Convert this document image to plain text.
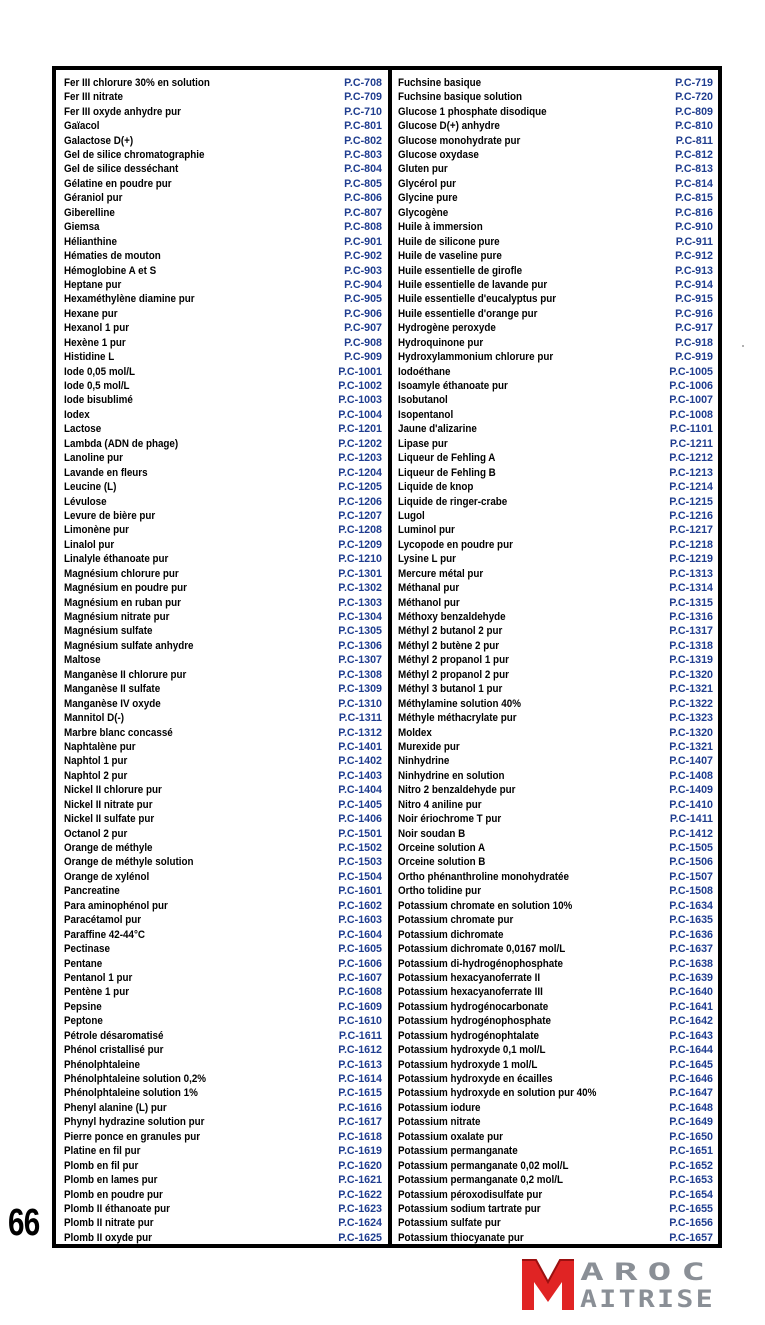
Fer III chlorure 30% en solution	P.C-708
Fer III nitrate	P.C-709
Fer III oxyde anhydre pur	P.C-710
Gaïacol	P.C-801
Galactose D(+)	P.C-802
Gel de silice chromatographie	P.C-803
Gel de silice desséchant	P.C-804
Gélatine en poudre pur	P.C-805
Géraniol pur	P.C-806
Giberelline	P.C-807
Giemsa	P.C-808
Hélianthine	P.C-901
Hématies de mouton	P.C-902
Hémoglobine A et S	P.C-903
Heptane pur	P.C-904
Hexaméthylène diamine pur	P.C-905
Hexane pur	P.C-906
Hexanol 1 pur	P.C-907
Hexène 1 pur	P.C-908
Histidine L	P.C-909
Iode 0,05 mol/L	P.C-1001
Iode 0,5 mol/L	P.C-1002
Iode bisublimé	P.C-1003
Iodex	P.C-1004
Lactose	P.C-1201
Lambda (ADN de phage)	P.C-1202
Lanoline pur	P.C-1203
Lavande en fleurs	P.C-1204
Leucine (L)	P.C-1205
Lévulose	P.C-1206
Levure de bière pur	P.C-1207
Limonène pur	P.C-1208
Linalol pur	P.C-1209
Linalyle éthanoate pur	P.C-1210
Magnésium chlorure pur	P.C-1301
Magnésium en poudre pur	P.C-1302
Magnésium en ruban pur	P.C-1303
Magnésium nitrate pur	P.C-1304
Magnésium sulfate	P.C-1305
Magnésium sulfate anhydre	P.C-1306
Maltose	P.C-1307
Manganèse II chlorure pur	P.C-1308
Manganèse II sulfate	P.C-1309
Manganèse IV oxyde	P.C-1310
Mannitol D(-)	P.C-1311
Marbre blanc concassé	P.C-1312
Naphtalène pur	P.C-1401
Naphtol 1 pur	P.C-1402
Naphtol 2 pur	P.C-1403
Nickel II chlorure pur	P.C-1404
Nickel II nitrate pur	P.C-1405
Nickel II sulfate pur	P.C-1406
Octanol 2 pur	P.C-1501
Orange de méthyle	P.C-1502
Orange de méthyle solution	P.C-1503
Orange de xylénol	P.C-1504
Pancreatine	P.C-1601
Para aminophénol pur	P.C-1602
Paracétamol pur	P.C-1603
Paraffine 42-44°C	P.C-1604
Pectinase	P.C-1605
Pentane	P.C-1606
Pentanol 1 pur	P.C-1607
Pentène 1 pur	P.C-1608
Pepsine	P.C-1609
Peptone	P.C-1610
Pétrole désaromatisé	P.C-1611
Phénol cristallisé pur	P.C-1612
Phénolphtaleine	P.C-1613
Phénolphtaleine solution 0,2%	P.C-1614
Phénolphtaleine solution 1%	P.C-1615
Phenyl alanine (L) pur	P.C-1616
Phynyl hydrazine solution pur	P.C-1617
Pierre ponce en granules pur	P.C-1618
Platine en fil pur	P.C-1619
Plomb en fil pur	P.C-1620
Plomb en lames pur	P.C-1621
Plomb en poudre pur	P.C-1622
Plomb II éthanoate pur	P.C-1623
Plomb II nitrate pur	P.C-1624
Plomb II oxyde pur	P.C-1625
Fuchsine basique	P.C-719
Fuchsine basique solution	P.C-720
Glucose 1 phosphate disodique	P.C-809
Glucose D(+) anhydre	P.C-810
Glucose monohydrate pur	P.C-811
Glucose oxydase	P.C-812
Gluten pur	P.C-813
Glycérol pur	P.C-814
Glycine pure	P.C-815
Glycogène	P.C-816
Huile à immersion	P.C-910
Huile de silicone pure	P.C-911
Huile de vaseline pure	P.C-912
Huile essentielle de girofle	P.C-913
Huile essentielle de lavande pur	P.C-914
Huile essentielle d'eucalyptus pur	P.C-915
Huile essentielle d'orange pur	P.C-916
Hydrogène peroxyde	P.C-917
Hydroquinone pur	P.C-918
Hydroxylammonium chlorure pur	P.C-919
Iodoéthane	P.C-1005
Isoamyle éthanoate pur	P.C-1006
Isobutanol	P.C-1007
Isopentanol	P.C-1008
Jaune d'alizarine	P.C-1101
Lipase pur	P.C-1211
Liqueur de Fehling A	P.C-1212
Liqueur de Fehling B	P.C-1213
Liquide de knop	P.C-1214
Liquide de ringer-crabe	P.C-1215
Lugol	P.C-1216
Luminol pur	P.C-1217
Lycopode en poudre pur	P.C-1218
Lysine L pur	P.C-1219
Mercure métal pur	P.C-1313
Méthanal pur	P.C-1314
Méthanol pur	P.C-1315
Méthoxy benzaldehyde	P.C-1316
Méthyl 2 butanol 2 pur	P.C-1317
Méthyl 2 butène 2 pur	P.C-1318
Méthyl 2 propanol 1 pur	P.C-1319
Méthyl 2 propanol 2 pur	P.C-1320
Méthyl 3 butanol 1 pur	P.C-1321
Méthylamine solution 40%	P.C-1322
Méthyle méthacrylate pur	P.C-1323
Moldex	P.C-1320
Murexide pur	P.C-1321
Ninhydrine	P.C-1407
Ninhydrine en solution	P.C-1408
Nitro 2 benzaldehyde pur	P.C-1409
Nitro 4 aniline pur	P.C-1410
Noir ériochrome T pur	P.C-1411
Noir soudan B	P.C-1412
Orceine solution A	P.C-1505
Orceine solution B	P.C-1506
Ortho phénanthroline monohydratée	P.C-1507
Ortho tolidine pur	P.C-1508
Potassium chromate en solution 10%	P.C-1634
Potassium chromate pur	P.C-1635
Potassium dichromate	P.C-1636
Potassium dichromate 0,0167 mol/L	P.C-1637
Potassium di-hydrogénophosphate	P.C-1638
Potassium hexacyanoferrate II	P.C-1639
Potassium hexacyanoferrate III	P.C-1640
Potassium hydrogénocarbonate	P.C-1641
Potassium hydrogénophosphate	P.C-1642
Potassium hydrogénophtalate	P.C-1643
Potassium hydroxyde 0,1 mol/L	P.C-1644
Potassium hydroxyde 1 mol/L	P.C-1645
Potassium hydroxyde en écailles	P.C-1646
Potassium hydroxyde en solution pur 40%	P.C-1647
Potassium iodure	P.C-1648
Potassium nitrate	P.C-1649
Potassium oxalate pur	P.C-1650
Potassium permanganate	P.C-1651
Potassium permanganate 0,02 mol/L	P.C-1652
Potassium permanganate 0,2 mol/L	P.C-1653
Potassium péroxodisulfate pur	P.C-1654
Potassium sodium tartrate pur	P.C-1655
Potassium sulfate pur	P.C-1656
Potassium thiocyanate pur	P.C-1657
66
AROC
AITRISE
